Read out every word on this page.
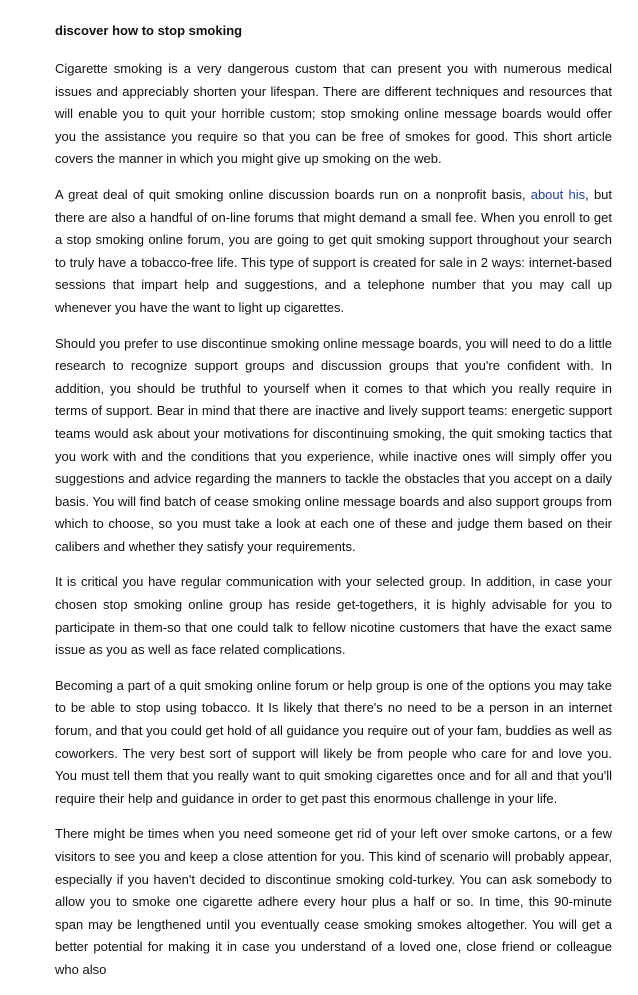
discover how to stop smoking

Cigarette smoking is a very dangerous custom that can present you with numerous medical issues and appreciably shorten your lifespan. There are different techniques and resources that will enable you to quit your horrible custom; stop smoking online message boards would offer you the assistance you require so that you can be free of smokes for good. This short article covers the manner in which you might give up smoking on the web.

A great deal of quit smoking online discussion boards run on a nonprofit basis, about his, but there are also a handful of on-line forums that might demand a small fee. When you enroll to get a stop smoking online forum, you are going to get quit smoking support throughout your search to truly have a tobacco-free life. This type of support is created for sale in 2 ways: internet-based sessions that impart help and suggestions, and a telephone number that you may call up whenever you have the want to light up cigarettes.

Should you prefer to use discontinue smoking online message boards, you will need to do a little research to recognize support groups and discussion groups that you're confident with. In addition, you should be truthful to yourself when it comes to that which you really require in terms of support. Bear in mind that there are inactive and lively support teams: energetic support teams would ask about your motivations for discontinuing smoking, the quit smoking tactics that you work with and the conditions that you experience, while inactive ones will simply offer you suggestions and advice regarding the manners to tackle the obstacles that you accept on a daily basis. You will find batch of cease smoking online message boards and also support groups from which to choose, so you must take a look at each one of these and judge them based on their calibers and whether they satisfy your requirements.

It is critical you have regular communication with your selected group. In addition, in case your chosen stop smoking online group has reside get-togethers, it is highly advisable for you to participate in them-so that one could talk to fellow nicotine customers that have the exact same issue as you as well as face related complications.

Becoming a part of a quit smoking online forum or help group is one of the options you may take to be able to stop using tobacco. It Is likely that there's no need to be a person in an internet forum, and that you could get hold of all guidance you require out of your fam, buddies as well as coworkers. The very best sort of support will likely be from people who care for and love you. You must tell them that you really want to quit smoking cigarettes once and for all and that you'll require their help and guidance in order to get past this enormous challenge in your life.

There might be times when you need someone get rid of your left over smoke cartons, or a few visitors to see you and keep a close attention for you. This kind of scenario will probably appear, especially if you haven't decided to discontinue smoking cold-turkey. You can ask somebody to allow you to smoke one cigarette adhere every hour plus a half or so. In time, this 90-minute span may be lengthened until you eventually cease smoking smokes altogether. You will get a better potential for making it in case you understand of a loved one, close friend or colleague who also
